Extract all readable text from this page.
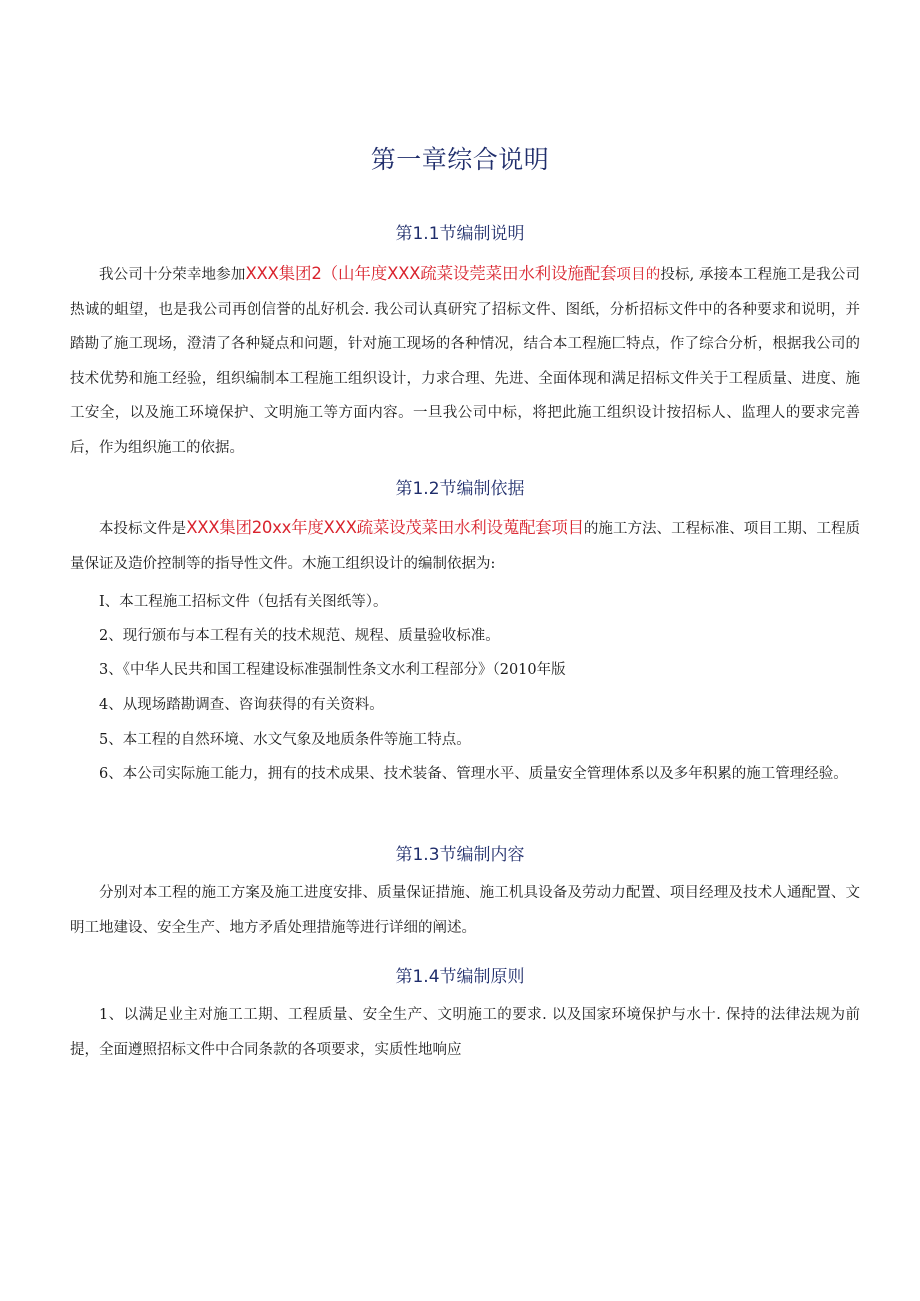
第一章综合说明
第1.1节编制说明

我公司十分荣幸地参加XXX集团2（山年度XXX疏菜设莞菜田水利设施配套项目的投标, 承接本工程施工是我公司热诚的蛆望，也是我公司再创信誉的乩好机会. 我公司认真研究了招标文件、图纸，分析招标文件中的各种要求和说明，并踏勘了施工现场，澄清了各种疑点和问题，针对施工现场的各种情况，结合本工程施匚特点，作了综合分析，根据我公司的技术优势和施工经验，组织编制本工程施工组织设计，力求合理、先进、全面体现和满足招标文件关于工程质量、进度、施工安全，以及施工环境保护、文明施工等方面内容。一旦我公司中标，将把此施工组织设计按招标人、监理人的要求完善后，作为组织施工的依据。

第1.2节编制依据

本投标文件是XXX集团20xx年度XXX疏菜设茂菜田水利设蒐配套项目的施工方法、工程标准、项目工期、工程质量保证及造价控制等的指导性文件。木施工组织设计的编制依据为:

I、本工程施工招标文件（包括有关图纸等）。

2、现行颁布与本工程有关的技术规范、规程、质量验收标准。

3、《中华人民共和国工程建设标准强制性条文水利工程部分》（2010年版

4、从现场踏勘调查、咨询获得的有关资料。

5、本工程的自然环境、水文气象及地质条件等施工特点。

6、本公司实际施工能力，拥有的技术成果、技术装备、管理水平、质量安全管理体系以及多年积累的施工管理经验。

第1.3节编制内容

分别对本工程的施工方案及施工进度安排、质量保证措施、施工机具设备及劳动力配置、项目经理及技术人通配置、文明工地建设、安全生产、地方矛盾处理措施等进行详细的阐述。

第1.4节编制原则

1、以满足业主对施工工期、工程质量、安全生产、文明施工的要求. 以及国家环境保护与水十. 保持的法律法规为前提，全面遵照招标文件中合同条款的各项要求，实质性地响应
